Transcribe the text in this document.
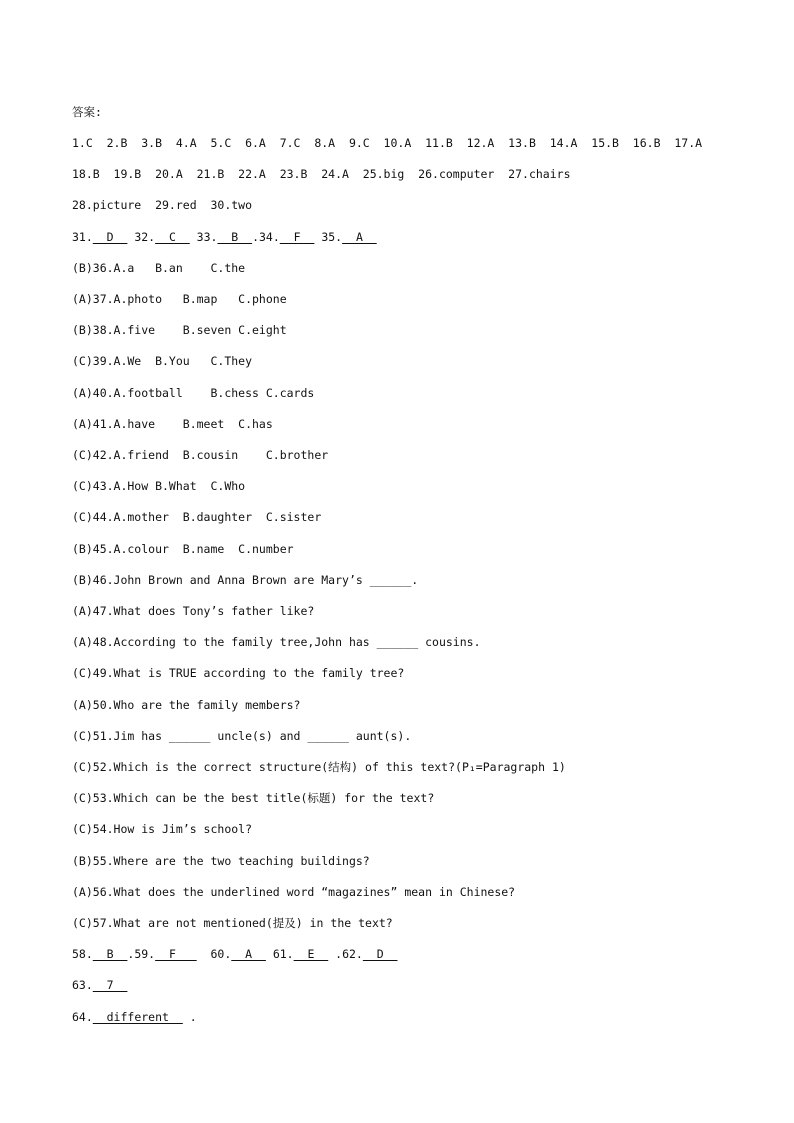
答案:
1.C  2.B  3.B  4.A  5.C  6.A  7.C  8.A  9.C  10.A  11.B  12.A  13.B  14.A  15.B  16.B  17.A
18.B  19.B  20.A  21.B  22.A  23.B  24.A  25.big  26.computer  27.chairs
28.picture  29.red  30.two
31.  D   32.  C   33.  B  .34.  F   35.  A
(B)36.A.a   B.an    C.the
(A)37.A.photo   B.map   C.phone
(B)38.A.five    B.seven C.eight
(C)39.A.We  B.You   C.They
(A)40.A.football    B.chess C.cards
(A)41.A.have    B.meet  C.has
(C)42.A.friend  B.cousin    C.brother
(C)43.A.How B.What  C.Who
(C)44.A.mother  B.daughter  C.sister
(B)45.A.colour  B.name  C.number
(B)46.John Brown and Anna Brown are Mary’s ______.
(A)47.What does Tony’s father like?
(A)48.According to the family tree,John has ______ cousins.
(C)49.What is TRUE according to the family tree?
(A)50.Who are the family members?
(C)51.Jim has ______ uncle(s) and ______ aunt(s).
(C)52.Which is the correct structure(结构) of this text?(P₁=Paragraph 1)
(C)53.Which can be the best title(标题) for the text?
(C)54.How is Jim’s school?
(B)55.Where are the two teaching buildings?
(A)56.What does the underlined word “magazines” mean in Chinese?
(C)57.What are not mentioned(提及) in the text?
58.  B  .59.  F     60.  A   61.  E   .62.  D
63.  7
64.  different   .
